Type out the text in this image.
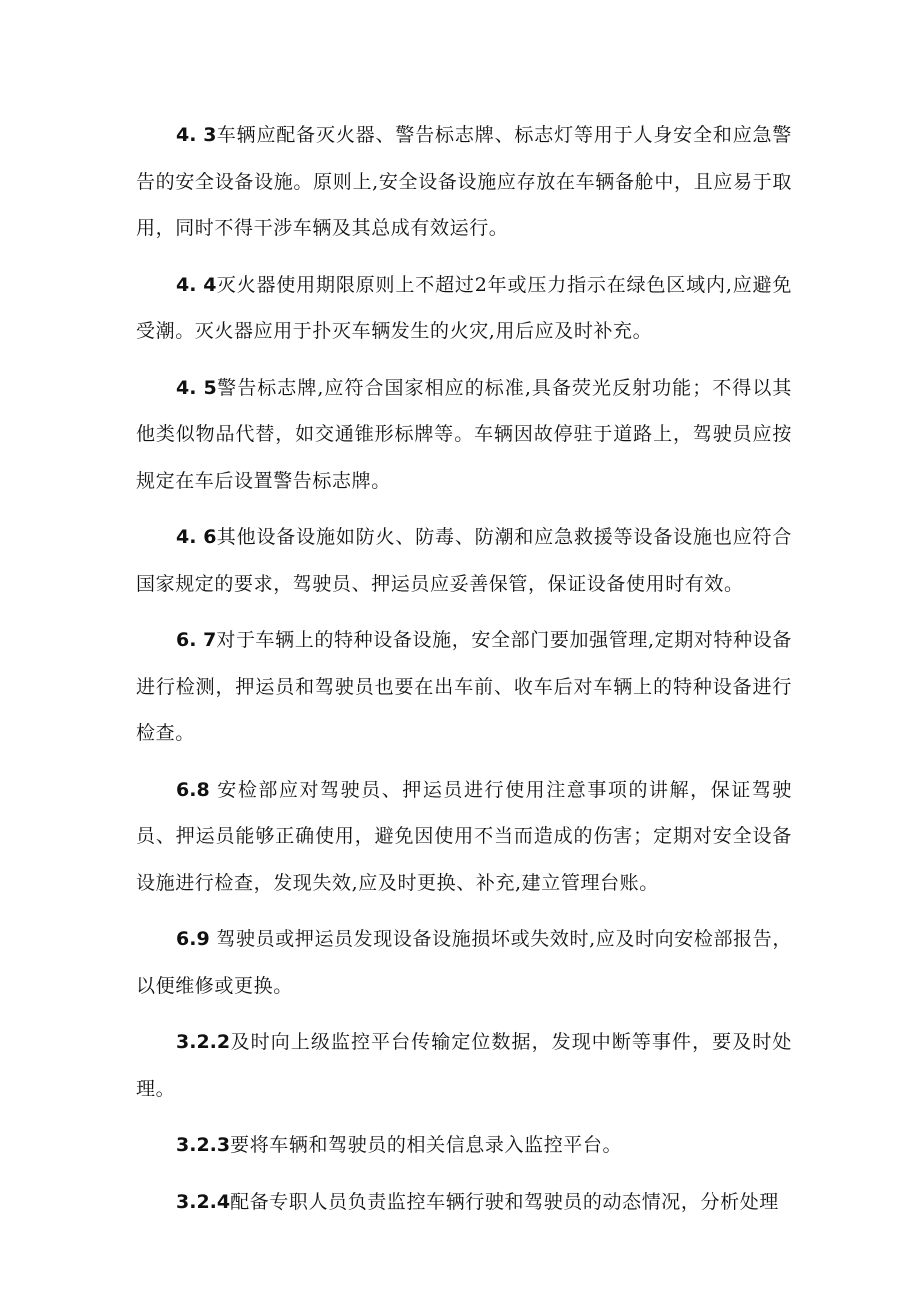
4. 3车辆应配备灭火器、警告标志牌、标志灯等用于人身安全和应急警告的安全设备设施。原则上,安全设备设施应存放在车辆备舱中，且应易于取用，同时不得干涉车辆及其总成有效运行。

4. 4灭火器使用期限原则上不超过2年或压力指示在绿色区域内,应避免受潮。灭火器应用于扑灭车辆发生的火灾,用后应及时补充。

4. 5警告标志牌,应符合国家相应的标准,具备荧光反射功能；不得以其他类似物品代替，如交通锥形标牌等。车辆因故停驻于道路上，驾驶员应按规定在车后设置警告标志牌。

4. 6其他设备设施如防火、防毒、防潮和应急救援等设备设施也应符合国家规定的要求，驾驶员、押运员应妥善保管，保证设备使用时有效。

6. 7对于车辆上的特种设备设施，安全部门要加强管理,定期对特种设备进行检测，押运员和驾驶员也要在出车前、收车后对车辆上的特种设备进行检查。

6.8 安检部应对驾驶员、押运员进行使用注意事项的讲解，保证驾驶员、押运员能够正确使用，避免因使用不当而造成的伤害；定期对安全设备设施进行检查，发现失效,应及时更换、补充,建立管理台账。

6.9 驾驶员或押运员发现设备设施损坏或失效时,应及时向安检部报告，以便维修或更换。

3.2.2及时向上级监控平台传输定位数据，发现中断等事件，要及时处理。

3.2.3要将车辆和驾驶员的相关信息录入监控平台。

3.2.4配备专职人员负责监控车辆行驶和驾驶员的动态情况，分析处理
